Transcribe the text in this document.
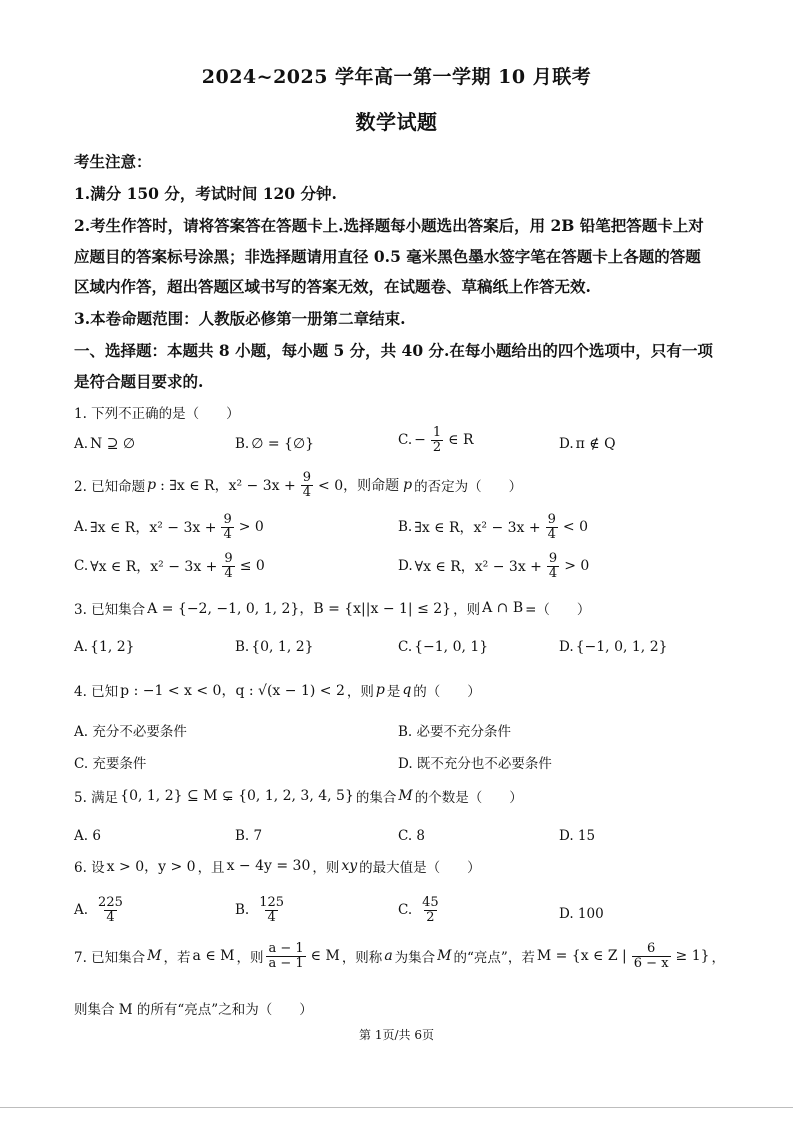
2024~2025 学年高一第一学期 10 月联考
数学试题
考生注意：
1.满分 150 分，考试时间 120 分钟.
2.考生作答时，请将答案答在答题卡上.选择题每小题选出答案后，用 2B 铅笔把答题卡上对
应题目的答案标号涂黑；非选择题请用直径 0.5 毫米黑色墨水签字笔在答题卡上各题的答题
区域内作答，超出答题区域书写的答案无效，在试题卷、草稿纸上作答无效.
3.本卷命题范围：人教版必修第一册第二章结束.
一、选择题：本题共 8 小题，每小题 5 分，共 40 分.在每小题给出的四个选项中，只有一项
是符合题目要求的.
1. 下列不正确的是（　　）
A. N ⊇ ∅	B. ∅ = {∅}	C. − $\frac{1}{2}$ ∈ R	D. π ∉ Q
2. 已知命题 p : ∃x ∈ R，$x^2 - 3x + \frac{9}{4} < 0$，则命题 p 的否定为（　　）
A. ∃x ∈ R，$x^2 - 3x + \frac{9}{4} > 0$	B. ∃x ∈ R，$x^2 - 3x + \frac{9}{4} < 0$
C. ∀x ∈ R，$x^2 - 3x + \frac{9}{4} \le 0$	D. ∀x ∈ R，$x^2 - 3x + \frac{9}{4} > 0$
3. 已知集合 A = {−2, −1, 0, 1, 2}，B = {x||x − 1| ≤ 2} ，则 A ∩ B =（　　）
A. {1, 2}	B. {0, 1, 2}	C. {−1, 0, 1}	D. {−1, 0, 1, 2}
4. 已知 p : −1 < x < 0，q : √(x − 1) < 2 ，则 p 是 q 的（　　）
A. 充分不必要条件	B. 必要不充分条件
C. 充要条件	D. 既不充分也不必要条件
5. 满足 {0, 1, 2} ⊆ M ⊊ {0, 1, 2, 3, 4, 5} 的集合 M 的个数是（　　）
A. 6	B. 7	C. 8	D. 15
6. 设 x > 0，y > 0 ，且 x − 4y = 30 ，则 xy 的最大值是（　　）
A. $\frac{225}{4}$	B. $\frac{125}{4}$	C. $\frac{45}{2}$	D. 100
7. 已知集合 M ，若 a ∈ M ，则 $\frac{a - 1}{a - 1}$ ∈ M ，则称 a 为集合 M 的“亮点”，若 M = {x ∈ Z | $\frac{6}{6 - x} \ge 1$} ，
则集合 M 的所有“亮点”之和为（　　）
第 1页/共 6页
